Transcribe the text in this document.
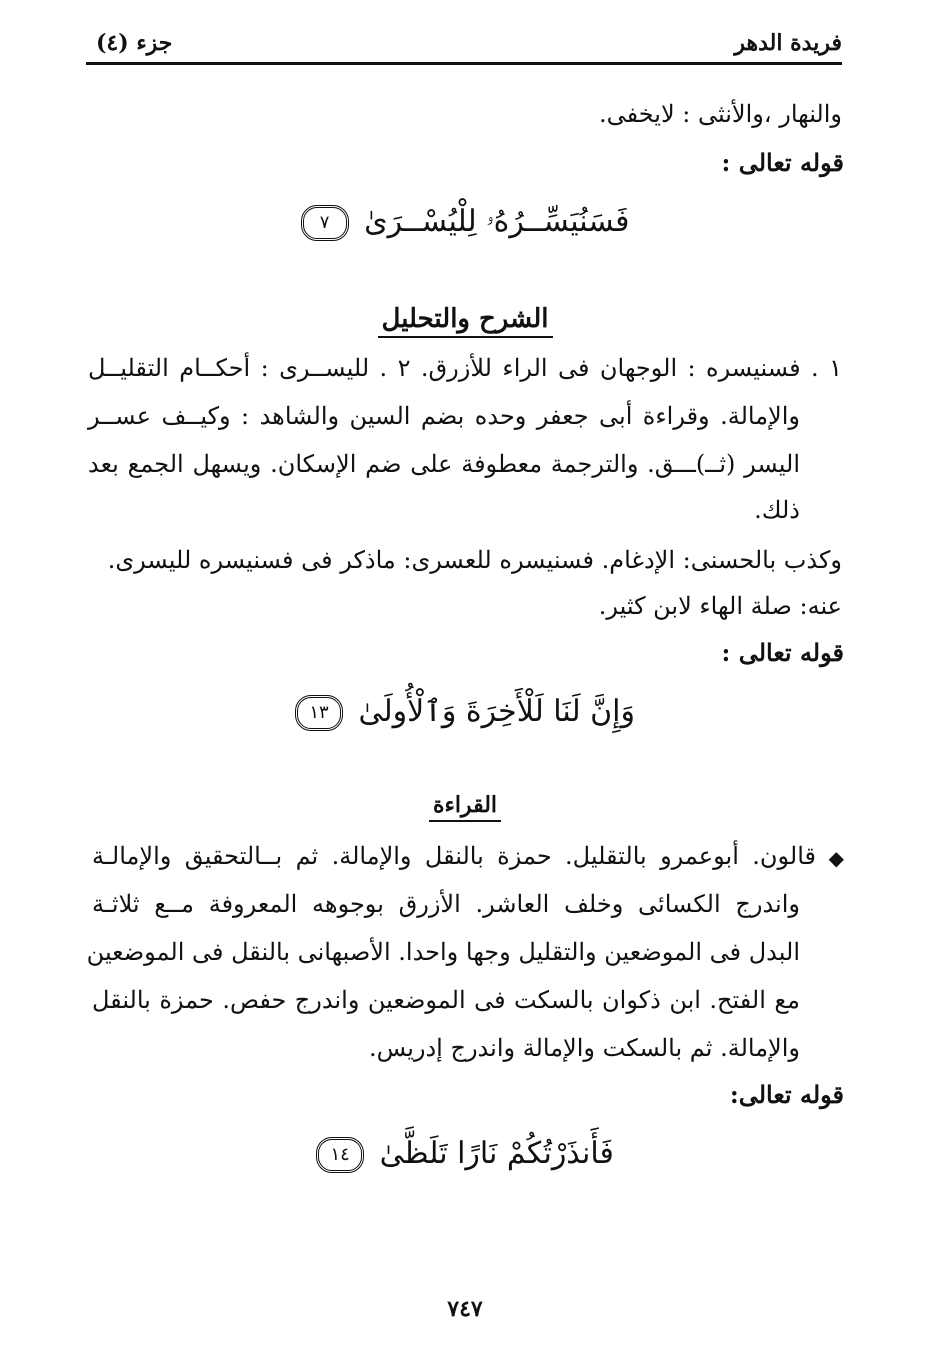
فريدة الدهر
جزء (٤)
والنهار ،والأنثى : لايخفى.
قوله تعالى :
فَسَنُيَسِّــرُهُۥ لِلْيُسْــرَىٰ ٧
الشرح والتحليل
١ . فسنيسره : الوجهان فى الراء للأزرق. ٢ . لليســرى : أحكــام التقليــل
والإمالة. وقراءة أبى جعفر وحده بضم السين والشاهد : وكيــف عســر
اليسر (ثــ)ـــق. والترجمة معطوفة على ضم الإسكان. ويسهل الجمع بعد
ذلك.
وكذب بالحسنى: الإدغام. فسنيسره للعسرى: ماذكر فى فسنيسره لليسرى.
عنه: صلة الهاء لابن كثير.
قوله تعالى :
وَإِنَّ لَنَا لَلْأَخِرَةَ وَٱلْأُولَىٰ ١٣
القراءة
◆
قالون. أبوعمرو بالتقليل. حمزة بالنقل والإمالة. ثم بــالتحقيق والإمالـة
واندرج الكسائى وخلف العاشر. الأزرق بوجوهه المعروفة مــع ثلاثـة
البدل فى الموضعين والتقليل وجها واحدا. الأصبهانى بالنقل فى الموضعين
مع الفتح. ابن ذكوان بالسكت فى الموضعين واندرج حفص. حمزة بالنقل
والإمالة. ثم بالسكت والإمالة واندرج إدريس.
قوله تعالى:
فَأَنذَرْتُكُمْ نَارًا تَلَظَّىٰ ١٤
٧٤٧
